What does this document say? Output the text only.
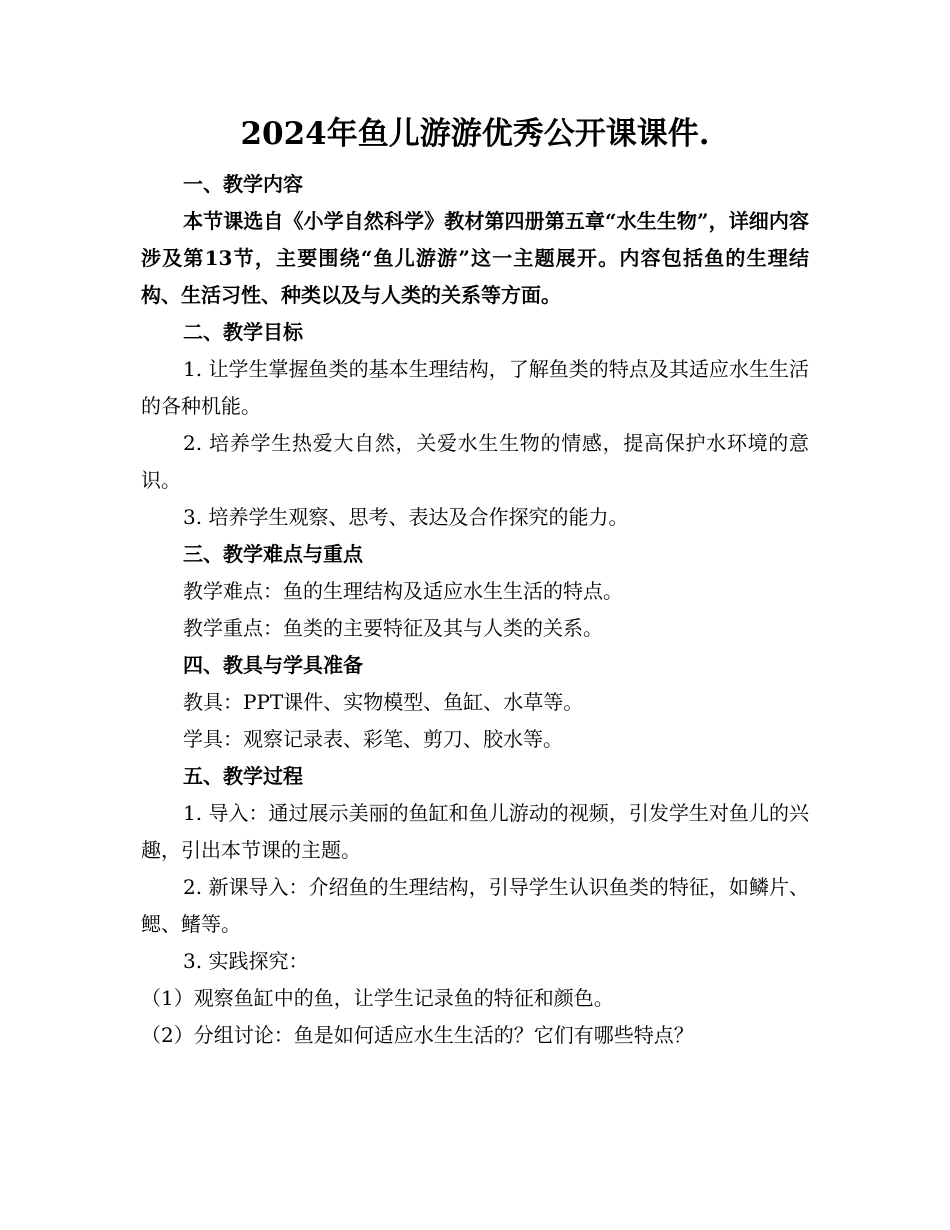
2024年鱼儿游游优秀公开课课件.

一、教学内容

本节课选自《小学自然科学》教材第四册第五章“水生生物”，详细内容涉及第13节，主要围绕“鱼儿游游”这一主题展开。内容包括鱼的生理结构、生活习性、种类以及与人类的关系等方面。

二、教学目标

1. 让学生掌握鱼类的基本生理结构，了解鱼类的特点及其适应水生生活的各种机能。

2. 培养学生热爱大自然，关爱水生生物的情感，提高保护水环境的意识。

3. 培养学生观察、思考、表达及合作探究的能力。

三、教学难点与重点

教学难点：鱼的生理结构及适应水生生活的特点。

教学重点：鱼类的主要特征及其与人类的关系。

四、教具与学具准备

教具：PPT课件、实物模型、鱼缸、水草等。

学具：观察记录表、彩笔、剪刀、胶水等。

五、教学过程

1. 导入：通过展示美丽的鱼缸和鱼儿游动的视频，引发学生对鱼儿的兴趣，引出本节课的主题。

2. 新课导入：介绍鱼的生理结构，引导学生认识鱼类的特征，如鳞片、鳃、鳍等。

3. 实践探究：

（1）观察鱼缸中的鱼，让学生记录鱼的特征和颜色。

（2）分组讨论：鱼是如何适应水生生活的？它们有哪些特点？
